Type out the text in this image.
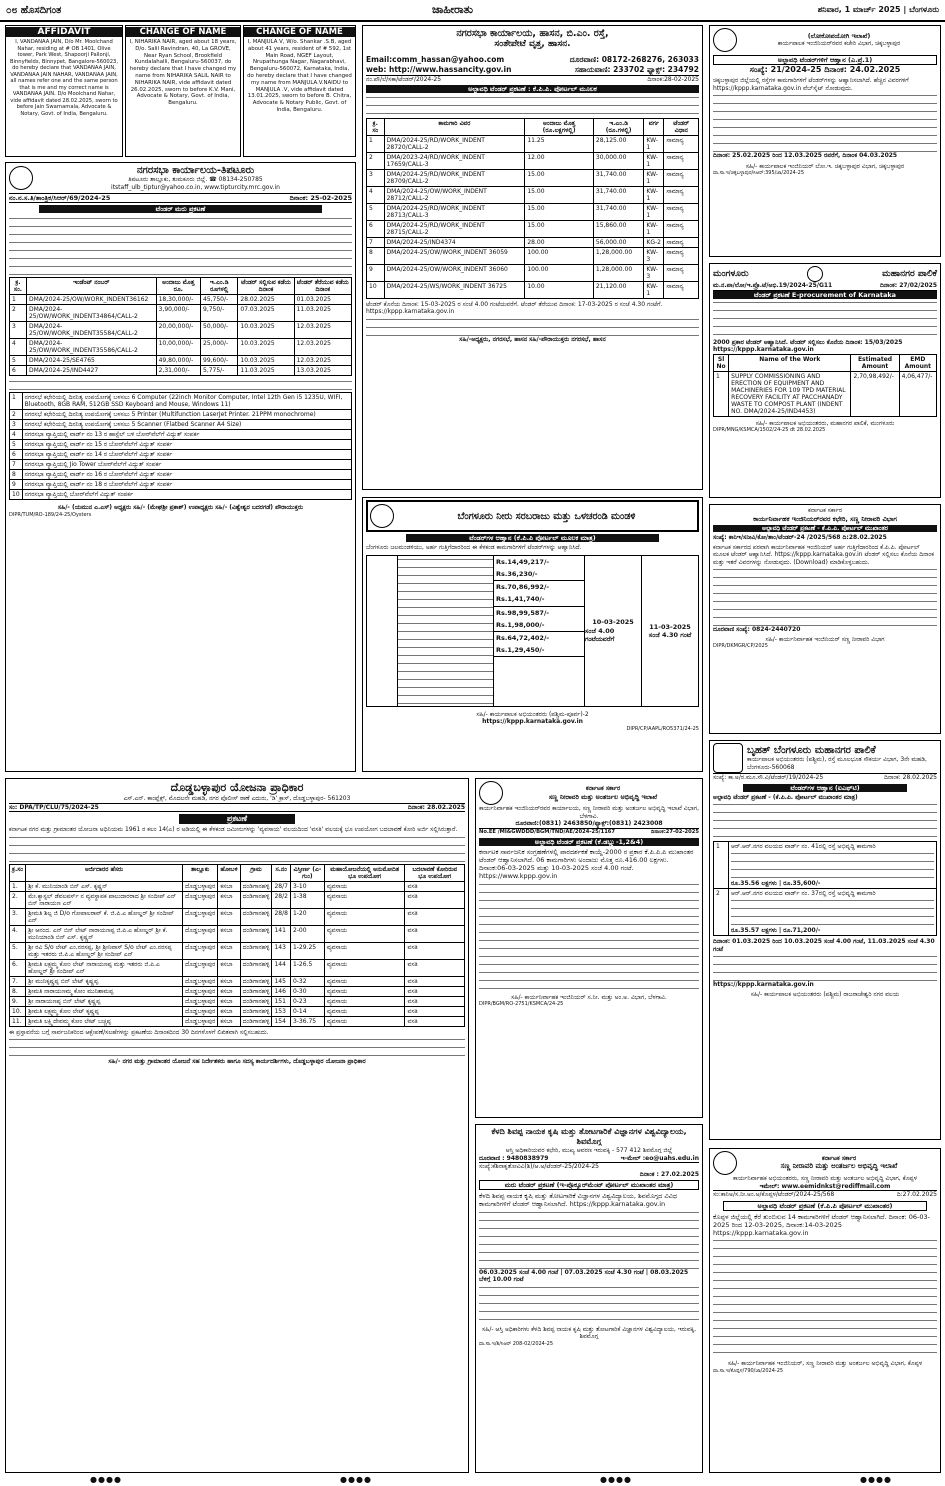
೦೮ ಹೊಸದಿಗಂತ	ಜಾಹೀರಾತು	ಶನಿವಾರ, 1 ಮಾರ್ಚ್ 2025 | ಬೆಂಗಳೂರು
AFFIDAVIT
I, VANDANAA JAIN, D/o Mr. Moolchand Nahar, residing at # OB 1401, Olive tower, Park West, Shapoorji Pallonji, Binnyfields, Binnypet, Bangalore-560023, do hereby declare that VANDANAA JAIN, VANDANAA JAIN NAHAR, VANDANAA JAIN, all names refer one and the same person that is me and my correct name is VANDANAA JAIN. D/o Moolchand Nahar, vide affidavit dated 28.02.2025, sworn to before Jain Swarnamala, Advocate & Notary, Govt. of India, Bengaluru.
CHANGE OF NAME
I, NIHARIKA NAIR, aged about 18 years, D/o. Salil Ravindran, 40, La GROVE, Near Ryan School, Brookfield Kundalahalli, Bengaluru-560037, do hereby declare that I have changed my name from NIHARIKA SALIL NAIR to NIHARIKA NAIR, vide affidavit dated 26.02.2025, sworn to before K.V. Mani, Advocate & Notary, Govt. of India, Bengaluru.
CHANGE OF NAME
I, MANJULA V, W/o. Shankar .S.B, aged about 41 years, resident of # 592, 1st Main Road, NGEF Layout, Nrupathunga Nagar, Nagarabhavi, Bengaluru-560072, Karnataka, India, do hereby declare that I have changed my name from MANJULA.V.NAIDU to MANJULA .V, vide affidavit dated 13.01.2025, sworn to before B. Chitra, Advocate & Notary Public, Govt. of India, Bengaluru.
ನಗರಸಭಾ ಕಾರ್ಯಾಲಯ-ತಿಪಟೂರು
ತಿಪಟೂರು ತಾಲ್ಲೂಕು, ತುಮಕೂರು ಜಿಲ್ಲೆ. ☎ 08134-250785
itstaff_ulb_tiptur@yahoo.co.in, www.tipturcity.mrc.gov.in
ನಂ.ನ.ಸ.ತಿ/ತಾಂತ್ರಿಕ/ಸಿಆರ್/69/2024-25	ದಿನಾಂಕ: 25-02-2025
ಟೆಂಡರ್ ಮರು ಪ್ರಕಟಣೆ
ಕ್ರ. ಸಂ.	ಇಂಡೆಂಟ್ ನಂಬರ್	ಅಂದಾಜು ಮೊತ್ತ ರೂ.	ಇ.ಎಂ.ಡಿ ರೂಗಳಲ್ಲಿ	ಟೆಂಡರ್ ಸಲ್ಲಿಸುವ ಕಡೆಯ ದಿನಾಂಕ	ಟೆಂಡರ್ ತೆರೆಯುವ ಕಡೆಯ ದಿನಾಂಕ
1	DMA/2024-25/OW/WORK_INDENT36162	18,30,000/-	45,750/-	28.02.2025	01.03.2025
2	DMA/2024-25/OW/WORK_INDENT34864/CALL-2	3,90,000/-	9,750/-	07.03.2025	11.03.2025
3	DMA/2024-25/OW/WORK_INDENT35584/CALL-2	20,00,000/-	50,000/-	10.03.2025	12.03.2025
4	DMA/2024-25/OW/WORK_INDENT35586/CALL-2	10,00,000/-	25,000/-	10.03.2025	12.03.2025
5	DMA/2024-25/SE4765	49,80,000/-	99,600/-	10.03.2025	12.03.2025
6	DMA/2024-25/IND4427	2,31,000/-	5,775/-	11.03.2025	13.03.2025
1	ನಗರಸಭೆ ಕಛೇರಿಯಲ್ಲಿ ದಿನನಿತ್ಯ ಉಪಯೋಗಕ್ಕೆ ಬಳಸಲು 6 Computer (22inch Monitor Computer, Intel 12th Gen i5 1235U, WIFI, Bluetooth, 8GB RAM, 512GB SSD Keyboard and Mouse, Windows 11)
2	ನಗರಸಭೆ ಕಛೇರಿಯಲ್ಲಿ ದಿನನಿತ್ಯ ಉಪಯೋಗಕ್ಕೆ ಬಳಸಲು 5 Printer (Multifunction LaserJet Printer. 21PPM monochrome)
3	ನಗರಸಭೆ ಕಛೇರಿಯಲ್ಲಿ ದಿನನಿತ್ಯ ಉಪಯೋಗಕ್ಕೆ ಬಳಸಲು 5 Scanner (Flatbed Scanner A4 Size)
4	ನಗರಸಭಾ ವ್ಯಾಪ್ತಿಯಲ್ಲಿ ವಾರ್ಡ್ ನಂ 13 ರ ಹಾಸ್ಟೆಲ್ ಬಳಿ ಬೋರ್‌ವೆಲ್‌ಗೆ ವಿದ್ಯುತ್ ಸಂಪರ್ಕ
5	ನಗರಸಭಾ ವ್ಯಾಪ್ತಿಯಲ್ಲಿ ವಾರ್ಡ್ ನಂ 15 ರ ಬೋರ್‌ವೆಲ್‌ಗೆ ವಿದ್ಯುತ್ ಸಂಪರ್ಕ
6	ನಗರಸಭಾ ವ್ಯಾಪ್ತಿಯಲ್ಲಿ ವಾರ್ಡ್ ನಂ 14 ರ ಬೋರ್‌ವೆಲ್‌ಗೆ ವಿದ್ಯುತ್ ಸಂಪರ್ಕ
7	ನಗರಸಭಾ ವ್ಯಾಪ್ತಿಯಲ್ಲಿ Jio Tower ಬೋರ್‌ವೆಲ್‌ಗೆ ವಿದ್ಯುತ್ ಸಂಪರ್ಕ
8	ನಗರಸಭಾ ವ್ಯಾಪ್ತಿಯಲ್ಲಿ ವಾರ್ಡ್ ನಂ 16 ರ ಬೋರ್‌ವೆಲ್‌ಗೆ ವಿದ್ಯುತ್ ಸಂಪರ್ಕ
9	ನಗರಸಭಾ ವ್ಯಾಪ್ತಿಯಲ್ಲಿ ವಾರ್ಡ್ ನಂ 18 ರ ಬೋರ್‌ವೆಲ್‌ಗೆ ವಿದ್ಯುತ್ ಸಂಪರ್ಕ
10	ನಗರಸಭಾ ವ್ಯಾಪ್ತಿಯಲ್ಲಿ ಬೋರ್‌ವೆಲ್‌ಗೆ ವಿದ್ಯುತ್ ಸಂಪರ್ಕ
ಸಹಿ/- (ಯಮುನ ಎ.ಎಸ್) ಅಧ್ಯಕ್ಷರು ಸಹಿ/- (ಮೇಘಶ್ರೀ ಪ್ರಕಾಶ್) ಉಪಾಧ್ಯಕ್ಷರು ಸಹಿ/- (ವಿಶ್ವೇಶ್ವರ ಬದರಗಡೆ) ಪೌರಾಯುಕ್ತರು
DIPR/TUM/RO-189/24-25/Oysters
ನಗರಸಭಾ ಕಾರ್ಯಾಲಯ, ಹಾಸನ, ಬಿ.ಎಂ. ರಸ್ತೆ,
ಸಂತೇಪೇಟೆ ವೃತ್ತ, ಹಾಸನ.
Email:comm_hassan@yahoo.com	ದೂರವಾಣಿ: 08172-268276, 263033
web: http://www.hassancity.gov.in	ಸಹಾಯವಾಣಿ: 233702 ಫ್ಯಾಕ್ಸ್: 234792
ನಂ.ಪೌ/ಲೆ/ಸಕಾ/ಟೆಂಡರ್/2024-25	ದಿನಾಂಕ:28-02-2025
ಅಲ್ಪಾವಧಿ ಟೆಂಡರ್ ಪ್ರಕಟಣೆ : ಕೆ.ಪಿ.ಪಿ. ಪೋರ್ಟಲ್ ಮೂಲಕ
ಕ್ರ. ಸಂ	ಕಾಮಗಾರಿ ವಿವರ	ಅಂದಾಜು ಮೊತ್ತ (ರೂ.ಲಕ್ಷಗಳಲ್ಲಿ)	ಇ.ಎಂ.ಡಿ (ರೂ.ಗಳಲ್ಲಿ)	ವರ್ಗ	ಟೆಂಡರ್ ವಿಧಾನ
1	DMA/2024-25/RD/WORK_INDENT 28720/CALL-2	11.25	28,125.00	KW-1	ಸಾಮಾನ್ಯ
2	DMA/2023-24/RD/WORK_INDENT 17659/CALL-3	12.00	30,000.00	KW-1	ಸಾಮಾನ್ಯ
3	DMA/2024-25/RD/WORK_INDENT 28709/CALL-2	15.00	31,740.00	KW-1	ಸಾಮಾನ್ಯ
4	DMA/2024-25/OW/WORK_INDENT 28712/CALL-2	15.00	31,740.00	KW-1	ಸಾಮಾನ್ಯ
5	DMA/2024-25/RD/WORK_INDENT 28713/CALL-3	15.00	31,740.00	KW-1	ಸಾಮಾನ್ಯ
6	DMA/2024-25/RD/WORK_INDENT 28715/CALL-2	15.00	15,860.00	KW-1	ಸಾಮಾನ್ಯ
7	DMA/2024-25/IND4374	28.00	56,000.00	KG-2	ಸಾಮಾನ್ಯ
8	DMA/2024-25/OW/WORK_INDENT 36059	100.00	1,28,000.00	KW-3	ಸಾಮಾನ್ಯ
9	DMA/2024-25/OW/WORK_INDENT 36060	100.00	1,28,000.00	KW-3	ಸಾಮಾನ್ಯ
10	DMA/2024-25/WS/WORK_INDENT 36725	10.00	21,120.00	KW-1	ಸಾಮಾನ್ಯ
ಟೆಂಡರ್ ಕೊನೆಯ ದಿನಾಂಕ: 15-03-2025 ರ ಸಂಜೆ 4.00 ಗಂಟೆಯವರೆಗೆ. ಟೆಂಡರ್ ತೆರೆಯುವ ದಿನಾಂಕ: 17-03-2025 ರ ಸಂಜೆ 4.30 ಗಂಟೆಗೆ. https://kppp.karnataka.gov.in
ಸಹಿ/-ಅಧ್ಯಕ್ಷರು, ನಗರಸಭೆ, ಹಾಸನ ಸಹಿ/-ಪೌರಾಯುಕ್ತರು ನಗರಸಭೆ, ಹಾಸನ
ಬೆಂಗಳೂರು ನೀರು ಸರಬರಾಜು ಮತ್ತು ಒಳಚರಂಡಿ ಮಂಡಳಿ
ಟೆಂಡರ್‌ಗಳ ಆಹ್ವಾನ (ಕೆ.ಪಿ.ಪಿ ಪೋರ್ಟಲ್ ಮೂಲಕ ಮಾತ್ರ)
ಬೆಂಗಳೂರು ಜಲಮಂಡಳಿಯು, ಅರ್ಹ ಗುತ್ತಿಗೆದಾರರಿಂದ ಈ ಕೆಳಕಂಡ ಕಾಮಗಾರಿಗಳಿಗೆ ಟೆಂಡರ್‌ಗಳನ್ನು ಆಹ್ವಾನಿಸಿದೆ.
Rs.14,49,217/-
Rs.36,230/-
Rs.70,86,992/-
Rs.1,41,740/-
Rs.98,99,587/-
Rs.1,98,000/-
Rs.64,72,402/-
Rs.1,29,450/-
10-03-2025
ಸಂಜೆ 4.00 ಗಂಟೆಯವರೆಗೆ
11-03-2025
ಸಂಜೆ 4.30 ಗಂಟೆ
ಸಹಿ/- ಕಾರ್ಯಪಾಲಕ ಅಭಿಯಂತರರು (ಪಶ್ಚಿಮ-ಪೂರ್ವ)-2
https://kppp.karnataka.gov.in
DIPR/CP/AAPL/RO5371/24-25
(ಲೋಕೋಪಯೋಗಿ ಇಲಾಖೆ)
ಕಾರ್ಯಪಾಲಕ ಇಂಜಿನಿಯರ್‌ರವರ ಕಚೇರಿ ವಿಭಾಗ, ಚಿಕ್ಕಬಳ್ಳಾಪುರ
ಅಲ್ಪಾವಧಿ ಟೆಂಡರ್‌ಗಳಿಗೆ ಆಹ್ವಾನ (ಎ.ಪ್ರೆ.1)
ಸಂಖ್ಯೆ: 21/2024-25 ದಿನಾಂಕ: 24.02.2025
ಚಿಕ್ಕಬಳ್ಳಾಪುರ ಜಿಲ್ಲೆಯಲ್ಲಿ ರಸ್ತೆಗಳ ಕಾಮಗಾರಿಗಳಿಗೆ ಟೆಂಡರ್‌ಗಳನ್ನು ಆಹ್ವಾನಿಸಲಾಗಿದೆ. ಹೆಚ್ಚಿನ ವಿವರಗಳಿಗೆ https://kppp.karnataka.gov.in ವೆಬ್‌ಸೈಟ್ ನೋಡುವುದು.
ದಿನಾಂಕ: 25.02.2025 ರಿಂದ 12.03.2025 ರವರೆಗೆ, ದಿನಾಂಕ 04.03.2025
ಸಹಿ/- ಕಾರ್ಯಪಾಲಕ ಇಂಜಿನಿಯರ್ ಲೋ.ಇ. ಚಿಕ್ಕಬಳ್ಳಾಪುರ ವಿಭಾಗ, ಚಿಕ್ಕಬಳ್ಳಾಪುರ
ವಾ.ಸಾ.ಇ/ಚಿಕ್ಕಬಳ್ಳಾಪುರ/ಸಿಆರ್:395/ಜಾ/2024-25
ಮಂಗಳೂರು	ಮಹಾನಗರ ಪಾಲಿಕೆ
ಮ.ನ.ಪಾ/ಲೋ/ಇ.ಪ್ರೊ.ಟೆ/ಅಭಿ.19/2024-25/G11	ದಿನಾಂಕ: 27/02/2025
ಟೆಂಡರ್ ಪ್ರಕಟಣೆ E-procurement of Karnataka
2000 ಪ್ರಕಾರ ಟೆಂಡರ್ ಆಹ್ವಾನಿಸಿದೆ. ಟೆಂಡರ್ ಸಲ್ಲಿಸಲು ಕೊನೆಯ ದಿನಾಂಕ: 15/03/2025 https://kppp.karnataka.gov.in
Sl No	Name of the Work	Estimated Amount	EMD Amount
1	SUPPLY COMMISSIONING AND ERECTION OF EQUIPMENT AND MACHINERIES FOR 109 TPD MATERIAL RECOVERY FACILITY AT PACCHANADY WASTE TO COMPOST PLANT (INDENT NO. DMA/2024-25/IND4453)	2,70,98,492/-	4,06,477/-
ಸಹಿ/- ಕಾರ್ಯಪಾಲಕ ಅಭಿಯಂತರರು, ಮಹಾನಗರ ಪಾಲಿಕೆ, ಮಂಗಳೂರು
DIPR/MNG/KSMCA/1502/24-25 dt 28.02.2025
ಕರ್ನಾಟಕ ಸರ್ಕಾರ
ಕಾರ್ಯನಿರ್ವಾಹಕ ಇಂಜಿನಿಯರ್‌ರವರ ಕಛೇರಿ, ಸಣ್ಣ ನೀರಾವರಿ ವಿಭಾಗ
ಅಲ್ಪಾವಧಿ ಟೆಂಡರ್ ಪ್ರಕಟಣೆ - ಕೆ.ಪಿ.ಪಿ. ಪೋರ್ಟಲ್ ಮುಖಾಂತರ
ಸಂಖ್ಯೆ: ಕಾನಿಇ/ಸನೀವಿ/ಕೋ/ತಾಂ/ಟೆಂಡರ್-24 /2025/568 ದಿ:28.02.2025
ಕರ್ನಾಟಕ ಸರ್ಕಾರದ ಪರವಾಗಿ ಕಾರ್ಯನಿರ್ವಾಹಕ ಇಂಜಿನಿಯರ್ ಅರ್ಹ ಗುತ್ತಿಗೆದಾರರಿಂದ ಕೆ.ಪಿ.ಪಿ. ಪೋರ್ಟಲ್ ಮೂಲಕ ಟೆಂಡರ್ ಆಹ್ವಾನಿಸಿದೆ. https://kppp.karnataka.gov.in ಟೆಂಡರ್ ಸಲ್ಲಿಸಲು ಕೊನೆಯ ದಿನಾಂಕ ಮತ್ತು ಇತರೆ ವಿವರಗಳನ್ನು ನೋಡುವುದು. (Download) ಮಾಡಿಕೊಳ್ಳಬಹುದು.
ದೂರವಾಣಿ ಸಂಖ್ಯೆ: 0824-2440720
ಸಹಿ/- ಕಾರ್ಯನಿರ್ವಾಹಕ ಇಂಜಿನಿಯರ್ ಸಣ್ಣ ನೀರಾವರಿ ವಿಭಾಗ
DIPR/DKMGR/CP/2025
ಬೃಹತ್ ಬೆಂಗಳೂರು ಮಹಾನಗರ ಪಾಲಿಕೆ
ಕಾರ್ಯಪಾಲಕ ಅಭಿಯಂತರರು (ಪಶ್ಚಿಮ), ರಸ್ತೆ ಮೂಲಭೂತ ಸೌಕರ್ಯ ವಿಭಾಗ, 3ನೇ ಮಹಡಿ, ಬೆಂಗಳೂರು-560068
ಸಂಖ್ಯೆ: ಕಾ.ಅ/ರ.ಮೂ.ಸೌ.ವಿ/ಟೆಂಡರ್/19/2024-25	ದಿನಾಂಕ: 28.02.2025
ಟೆಂಡರ್‌ಗಳ ಆಹ್ವಾನ (ಐಎಫ್‌ಟಿ)
ಅಲ್ಪಾವಧಿ ಟೆಂಡರ್ ಪ್ರಕಟಣೆ - (ಕೆ.ಪಿ.ಪಿ. ಪೋರ್ಟಲ್ ಮುಖಾಂತರ ಮಾತ್ರ)
1	ಆರ್‌.ಆರ್.ನಗರ ವಲಯದ ವಾರ್ಡ್ ನಂ. 41ರಲ್ಲಿ ರಸ್ತೆ ಅಭಿವೃದ್ಧಿ ಕಾಮಗಾರಿ
ರೂ.35.56 ಲಕ್ಷಗಳು | ರೂ.35,600/-

2	ಆರ್‌.ಆರ್.ನಗರ ವಲಯದ ವಾರ್ಡ್ ನಂ. 37ರಲ್ಲಿ ರಸ್ತೆ ಅಭಿವೃದ್ಧಿ ಕಾಮಗಾರಿ
ರೂ.35.57 ಲಕ್ಷಗಳು | ರೂ.71,200/-
ದಿನಾಂಕ: 01.03.2025 ರಿಂದ 10.03.2025 ಸಂಜೆ 4.00 ಗಂಟೆ, 11.03.2025 ಸಂಜೆ 4.30 ಗಂಟೆ
https://kppp.karnataka.gov.in
ಸಹಿ/- ಕಾರ್ಯಪಾಲಕ ಅಭಿಯಂತರರು (ಪಶ್ಚಿಮ) ರಾಜರಾಜೇಶ್ವರಿ ನಗರ ವಲಯ
ಕರ್ನಾಟಕ ಸರ್ಕಾರ
ಸಣ್ಣ ನೀರಾವರಿ ಮತ್ತು ಅಂತರ್ಜಲ ಅಭಿವೃದ್ಧಿ ಇಲಾಖೆ
ಕಾರ್ಯನಿರ್ವಾಹಕ ಅಭಿಯಂತರರು, ಸಣ್ಣ ನೀರಾವರಿ ಮತ್ತು ಅಂತರ್ಜಲ ಅಭಿವೃದ್ಧಿ ವಿಭಾಗ, ಕೊಪ್ಪಳ
ಇಮೇಲ್: www.eemidnkst@rediffmail.com
ಸಂ:ಕಾನಿಅ/ಸ.ನೀ.ಅಂ.ಅ/ಕೊಪ್ಪಳ/ಟೆಂಡರ್/2024-25/568	ದಿ:27.02.2025
ಅಲ್ಪಾವಧಿ ಟೆಂಡರ್ ಪ್ರಕಟಣೆ (ಕೆ.ಪಿ.ಪಿ ಪೋರ್ಟಲ್ ಮುಖಾಂತರ)
ಕೊಪ್ಪಳ ಜಿಲ್ಲೆಯಲ್ಲಿ ಕೆರೆ ತುಂಬಿಸುವ 14 ಕಾಮಗಾರಿಗಳಿಗೆ ಟೆಂಡರ್ ಆಹ್ವಾನಿಸಲಾಗಿದೆ. ದಿನಾಂಕ: 06-03-2025 ರಿಂದ 12-03-2025, ದಿನಾಂಕ:14-03-2025 https://kppp.karnataka.gov.in
ಸಹಿ/- ಕಾರ್ಯನಿರ್ವಾಹಕ ಇಂಜಿನಿಯರ್, ಸಣ್ಣ ನೀರಾವರಿ ಮತ್ತು ಅಂತರ್ಜಲ ಅಭಿವೃದ್ಧಿ ವಿಭಾಗ, ಕೊಪ್ಪಳ
ವಾ.ಸಾ.ಇ/ಕೊಪ್ಪಳ/790/ಜಾ/2024-25
ದೊಡ್ಡಬಳ್ಳಾಪುರ ಯೋಜನಾ ಪ್ರಾಧಿಕಾರ
ಎಸ್.ಎನ್. ಕಾಂಪ್ಲೆಕ್ಸ್, ಮೊದಲನೇ ಮಹಡಿ, ನಗರ ಪೊಲೀಸ್ ಠಾಣೆ ಎದುರು, 'ಡಿ' ಕ್ರಾಸ್, ದೊಡ್ಡಬಳ್ಳಾಪುರ- 561203
ಸಂ: DPA/TP/CLU/75/2024-25	ದಿನಾಂಕ: 28.02.2025
ಪ್ರಕಟಣೆ
ಕರ್ನಾಟಕ ನಗರ ಮತ್ತು ಗ್ರಾಮಾಂತರ ಯೋಜನಾ ಅಧಿನಿಯಮ 1961 ರ ಕಲಂ 14(ಎ) ರ ಅಡಿಯಲ್ಲಿ ಈ ಕೆಳಕಂಡ ಜಮೀನುಗಳನ್ನು 'ವ್ಯವಸಾಯ' ವಲಯದಿಂದ 'ವಸತಿ' ವಲಯಕ್ಕೆ ಭೂ ಉಪಯೋಗ ಬದಲಾವಣೆ ಕೋರಿ ಅರ್ಜಿ ಸಲ್ಲಿಸಿರುತ್ತಾರೆ.
ಕ್ರ.ಸಂ	ಅರ್ಜಿದಾರರ ಹೆಸರು	ತಾಲ್ಲೂಕು	ಹೋಬಳಿ	ಗ್ರಾಮ	ಸ.ನಂ	ವಿಸ್ತೀರ್ಣ (ಎ-ಗುಂ)	ಮಹಾಯೋಜನೆಯಲ್ಲಿ ಅನುಮೋದಿತ ಭೂ ಉಪಯೋಗ	ಬದಲಾವಣೆ ಕೋರಿರುವ ಭೂ ಉಪಯೋಗ
1.	ಶ್ರೀ ಕೆ. ಮುನಿಯಾಂಡಿ ಬಿನ್ ಎಸ್. ಕೃಷ್ಣನ್	ದೊಡ್ಡಬಳ್ಳಾಪುರ	ಕಸಬಾ	ದಂಡಿಗಾನಹಳ್ಳಿ	28/7	3-10	ವ್ಯವಸಾಯ	ವಸತಿ
2.	ಮೇ.ಕ್ಯಾಸ್ಟಲ್ ಡೆವಲಪರ್ಸ್ ನ ವ್ಯವಸ್ಥಾಪಕ ಪಾಲುದಾರರಾದ ಶ್ರೀ ಸಂದೀಪ್ ಎನ್ ಬಿನ್ ನಾರಾಯಣ ಎನ್	ದೊಡ್ಡಬಳ್ಳಾಪುರ	ಕಸಬಾ	ದಂಡಿಗಾನಹಳ್ಳಿ	28/2	1-38	ವ್ಯವಸಾಯ	ವಸತಿ
3.	ಶ್ರೀಮತಿ ಶಿಲ್ಪ ಜಿ D/o ಗೋಪಾಲರಾವ್ ಕೆ. ಜಿ.ಪಿ.ಎ ಹೋಲ್ಡರ್ ಶ್ರೀ ಸಂದೀಪ್ ಎನ್	ದೊಡ್ಡಬಳ್ಳಾಪುರ	ಕಸಬಾ	ದಂಡಿಗಾನಹಳ್ಳಿ	28/8	1-20	ವ್ಯವಸಾಯ	ವಸತಿ
4.	ಶ್ರೀ ಆನಂದ. ಎನ್ ಬಿನ್ ಲೇಟ್ ನಾರಾಯಣಪ್ಪ ಜಿ.ಪಿ.ಎ ಹೋಲ್ಡರ್ ಶ್ರೀ ಕೆ. ಮುನಿಯಾಂಡಿ ಬಿನ್ ಎಸ್. ಕೃಷ್ಣನ್	ದೊಡ್ಡಬಳ್ಳಾಪುರ	ಕಸಬಾ	ದಂಡಿಗಾನಹಳ್ಳಿ	141	2-00	ವ್ಯವಸಾಯ	ವಸತಿ
5.	ಶ್ರೀ ರವಿ S/o ಲೇಟ್ ಎಂ.ನರಸಪ್ಪ, ಶ್ರೀ ಶ್ರೀನಿವಾಸ್ S/o ಲೇಟ್ ಎಂ.ನರಸಪ್ಪ ಮತ್ತು ಇತರರು ಜಿ.ಪಿ.ಎ ಹೋಲ್ಡರ್ ಶ್ರೀ ಸಂದೀಪ್ ಎನ್	ದೊಡ್ಡಬಳ್ಳಾಪುರ	ಕಸಬಾ	ದಂಡಿಗಾನಹಳ್ಳಿ	143	1-29.25	ವ್ಯವಸಾಯ	ವಸತಿ
6.	ಶ್ರೀಮತಿ ಲಕ್ಷ್ಮಮ್ಮ ಕೋಂ ಲೇಟ್ ನಾರಾಯಣಪ್ಪ ಮತ್ತು ಇತರರು ಜಿ.ಪಿ.ಎ ಹೋಲ್ಡರ್ ಶ್ರೀ ಸಂದೀಪ್ ಎನ್	ದೊಡ್ಡಬಳ್ಳಾಪುರ	ಕಸಬಾ	ದಂಡಿಗಾನಹಳ್ಳಿ	144	1-26.5	ವ್ಯವಸಾಯ	ವಸತಿ
7.	ಶ್ರೀ ಮುನಿಕೃಷ್ಣಪ್ಪ ಬಿನ್ ಲೇಟ್ ಕೃಷ್ಣಪ್ಪ	ದೊಡ್ಡಬಳ್ಳಾಪುರ	ಕಸಬಾ	ದಂಡಿಗಾನಹಳ್ಳಿ	145	0-32	ವ್ಯವಸಾಯ	ವಸತಿ
8.	ಶ್ರೀಮತಿ ನಾರಾಯಣಮ್ಮ ಕೋಂ ಮುನಿಶಾಮಪ್ಪ	ದೊಡ್ಡಬಳ್ಳಾಪುರ	ಕಸಬಾ	ದಂಡಿಗಾನಹಳ್ಳಿ	146	0-30	ವ್ಯವಸಾಯ	ವಸತಿ
9.	ಶ್ರೀ ನಾರಾಯಣಪ್ಪ ಬಿನ್ ಲೇಟ್ ಕೃಷ್ಣಪ್ಪ	ದೊಡ್ಡಬಳ್ಳಾಪುರ	ಕಸಬಾ	ದಂಡಿಗಾನಹಳ್ಳಿ	151	0-23	ವ್ಯವಸಾಯ	ವಸತಿ
10.	ಶ್ರೀಮತಿ ಲಕ್ಷ್ಮಮ್ಮ ಕೋಂ ಲೇಟ್ ಕೃಷ್ಣಪ್ಪ	ದೊಡ್ಡಬಳ್ಳಾಪುರ	ಕಸಬಾ	ದಂಡಿಗಾನಹಳ್ಳಿ	153	0-14	ವ್ಯವಸಾಯ	ವಸತಿ
11.	ಶ್ರೀಮತಿ ಲಕ್ಷ್ಮಿದೇವಮ್ಮ ಕೋಂ ಲೇಟ್ ಬಚ್ಚಪ್ಪ	ದೊಡ್ಡಬಳ್ಳಾಪುರ	ಕಸಬಾ	ದಂಡಿಗಾನಹಳ್ಳಿ	154	3-36.75	ವ್ಯವಸಾಯ	ವಸತಿ
ಈ ಪ್ರಸ್ತಾವನೆಯ ಬಗ್ಗೆ ಸಾರ್ವಜನಿಕರಿಂದ ಆಕ್ಷೇಪಣೆ/ಸಲಹೆಗಳನ್ನು ಪ್ರಕಟಣೆಯ ದಿನಾಂಕದಿಂದ 30 ದಿನಗಳೊಳಗೆ ಲಿಖಿತವಾಗಿ ಸಲ್ಲಿಸಬಹುದು.
ಸಹಿ/- ನಗರ ಮತ್ತು ಗ್ರಾಮಾಂತರ ಯೋಜನೆ ಸಹ ನಿರ್ದೇಶಕರು ಹಾಗೂ ಸದಸ್ಯ ಕಾರ್ಯದರ್ಶಿಗಳು, ದೊಡ್ಡಬಳ್ಳಾಪುರ ಯೋಜನಾ ಪ್ರಾಧಿಕಾರ
ಕರ್ನಾಟಕ ಸರ್ಕಾರ
ಸಣ್ಣ ನೀರಾವರಿ ಮತ್ತು ಅಂತರ್ಜಲ ಅಭಿವೃದ್ಧಿ ಇಲಾಖೆ
ಕಾರ್ಯನಿರ್ವಾಹಕ ಇಂಜಿನಿಯರ್‌ರವರ ಕಾರ್ಯಾಲಯ, ಸಣ್ಣ ನೀರಾವರಿ ಮತ್ತು ಅಂತರ್ಜಲ ಅಭಿವೃದ್ಧಿ ಇಲಾಖೆ ವಿಭಾಗ, ಬೆಳಗಾವಿ.
ದೂರವಾಣಿ:(0831) 2463850/ಫ್ಯಾಕ್ಸ್:(0831) 2423008
No.EE /MI&GWDDD/BGM/TND/AE/2024-25/1167	ದಿನಾಂಕ:27-02-2025
ಅಲ್ಪಾವಧಿ ಟೆಂಡರ್ ಪ್ರಕಟಣೆ (ಕೆ.ಡಬ್ಲ್ಯು-1,2&4)
ಕರ್ನಾಟಕ ಸಾರ್ವಜನಿಕ ಸಂಗ್ರಹಣೆಗಳಲ್ಲಿ ಪಾರದರ್ಶಕತೆ ಕಾಯ್ದೆ-2000 ರ ಪ್ರಕಾರ ಕೆ.ಪಿ.ಪಿ.ಪಿ ಮುಖಾಂತರ ಟೆಂಡರ್ ಆಹ್ವಾನಿಸಲಾಗಿದೆ. 06 ಕಾಮಗಾರಿಗಳು ಅಂದಾಜು ಮೊತ್ತ ರೂ.416.00 ಲಕ್ಷಗಳು. ದಿನಾಂಕ:06-03-2025 ಮತ್ತು 10-03-2025 ಸಂಜೆ 4.00 ಗಂಟೆ. https://www.kppp.gov.in
ಸಹಿ/- ಕಾರ್ಯನಿರ್ವಾಹಕ ಇಂಜಿನಿಯರ್ ಸ.ನೀ. ಮತ್ತು ಅಂ.ಅ. ವಿಭಾಗ, ಬೆಳಗಾವಿ.
DIPR/BGM/RO-2751/KSMCA/24-25
ಕೆಳದಿ ಶಿವಪ್ಪ ನಾಯಕ ಕೃಷಿ ಮತ್ತು ತೋಟಗಾರಿಕೆ ವಿಜ್ಞಾನಗಳ ವಿಶ್ವವಿದ್ಯಾಲಯ, ಶಿವಮೊಗ್ಗ
ಆಸ್ತಿ ಅಧಿಕಾರಿಯವರ ಕಛೇರಿ, ಮುಖ್ಯ ಆವರಣ ಇರುವಕ್ಕಿ - 577 412 ಶಿವಮೊಗ್ಗ ಜಿಲ್ಲೆ
ದೂರವಾಣಿ : 9480838979	ಇ-ಮೇಲ್ :eo@uahs.edu.in
ಸಂಖ್ಯೆ:ಕೆಶಿನಾಕೃತೋವಿವಿ(ಶಿ)/ಆ.ಅ/ಟೆಂಡರ್-25/2024-25
ದಿನಾಂಕ : 27.02.2025
ಮರು ಟೆಂಡರ್ ಪ್ರಕಟಣೆ (ಇ-ಪ್ರೊಕ್ಯೂರ್‌ಮೆಂಟ್ ಪೋರ್ಟಲ್ ಮುಖಾಂತರ ಮಾತ್ರ)
ಕೆಳದಿ ಶಿವಪ್ಪ ನಾಯಕ ಕೃಷಿ ಮತ್ತು ತೋಟಗಾರಿಕೆ ವಿಜ್ಞಾನಗಳ ವಿಶ್ವವಿದ್ಯಾಲಯ, ಶಿವಮೊಗ್ಗದ ವಿವಿಧ ಕಾಮಗಾರಿಗಳಿಗೆ ಟೆಂಡರ್ ಆಹ್ವಾನಿಸಲಾಗಿದೆ. https://kppp.karnataka.gov.in
06.03.2025 ಸಂಜೆ 4.00 ಗಂಟೆ | 07.03.2025 ಸಂಜೆ 4.30 ಗಂಟೆ | 08.03.2025 ಬೆಳಿಗ್ಗೆ 10.00 ಗಂಟೆ
ಸಹಿ/- ಆಸ್ತಿ ಅಧಿಕಾರಿಗಳು ಕೆಳದಿ ಶಿವಪ್ಪ ನಾಯಕ ಕೃಷಿ ಮತ್ತು ತೋಟಗಾರಿಕೆ ವಿಜ್ಞಾನಗಳ ವಿಶ್ವವಿದ್ಯಾಲಯ, ಇರುವಕ್ಕಿ, ಶಿವಮೊಗ್ಗ
ವಾ.ಸಾ.ಇ/ಶಿ/ಸಿಆರ್ 208-02/2024-25
●●●●	●●●●	●●●●	●●●●
